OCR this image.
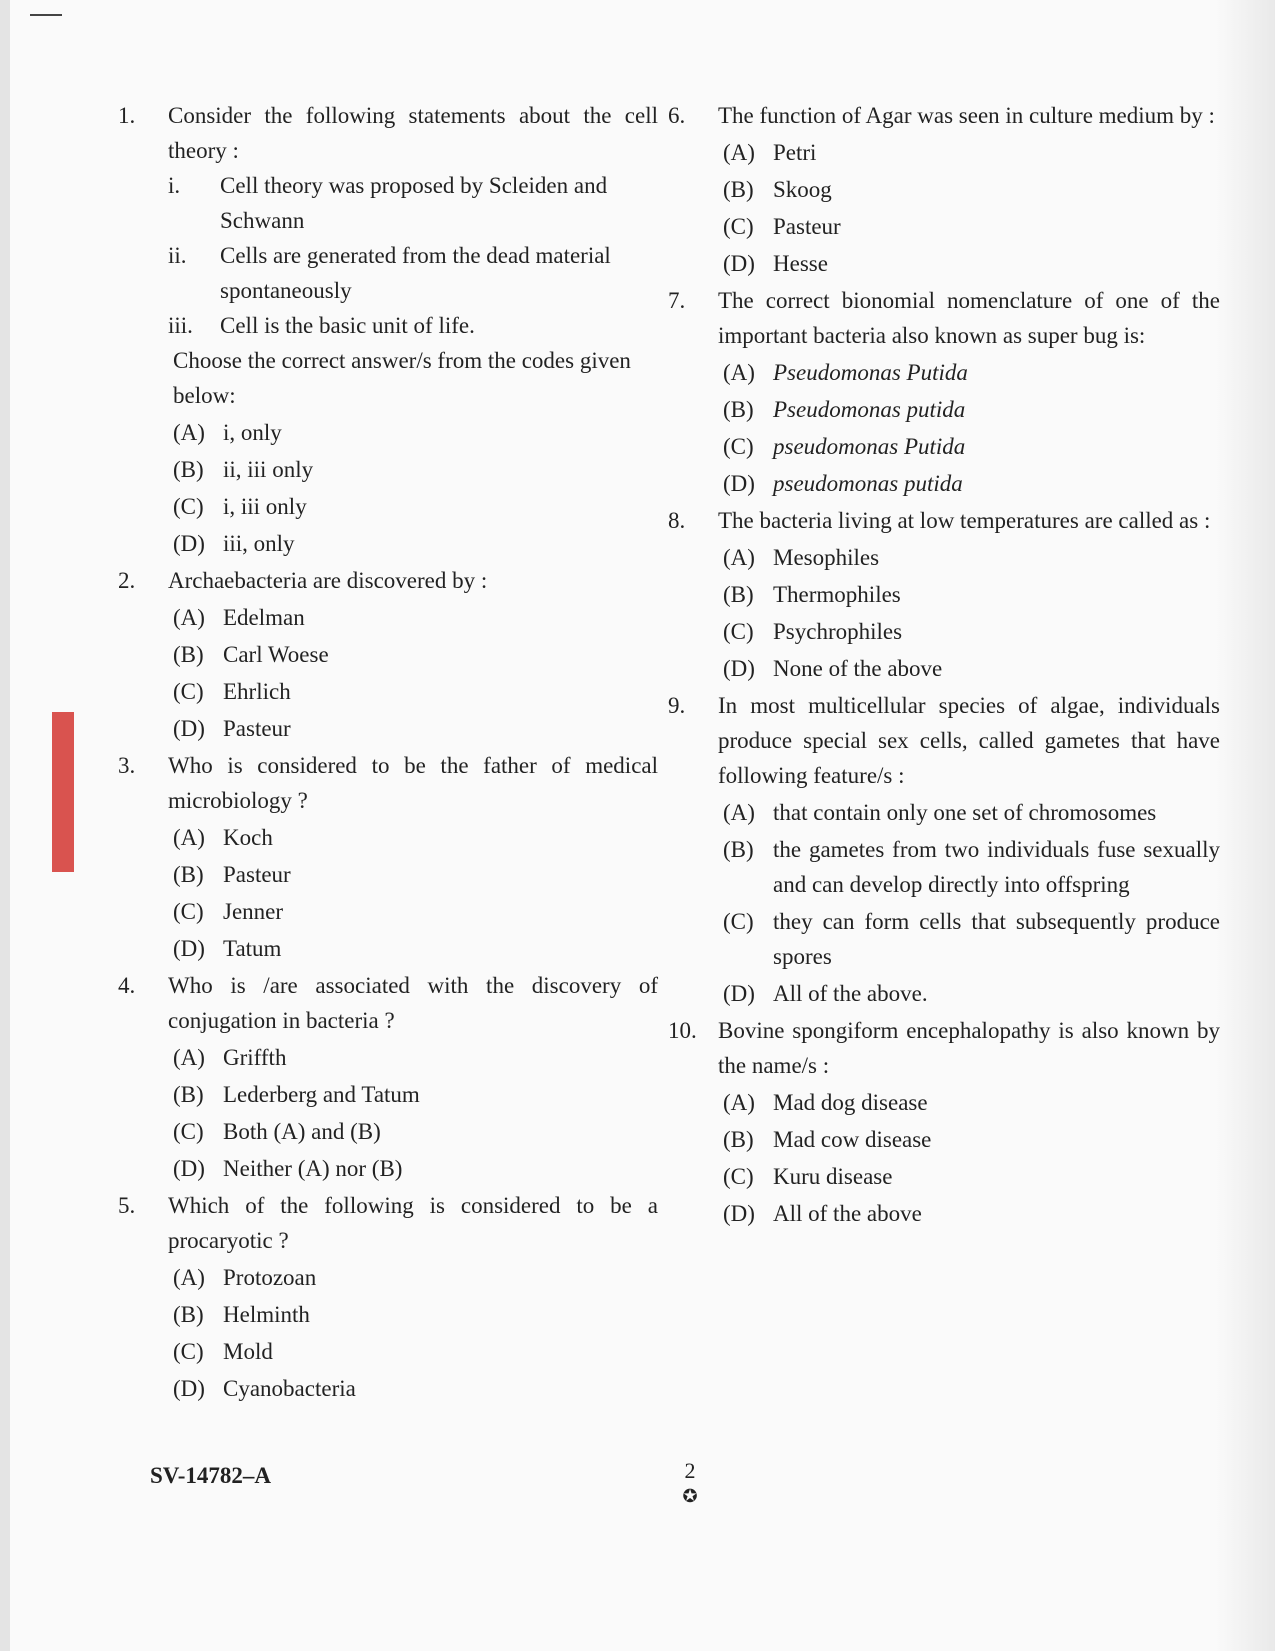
1.	Consider the following statements about the cell theory :
i.	Cell theory was proposed by Scleiden and Schwann
ii.	Cells are generated from the dead material spontaneously
iii.	Cell is the basic unit of life.
Choose the correct answer/s from the codes given below:
(A) i, only
(B) ii, iii only
(C) i, iii only
(D) iii, only
2.	Archaebacteria are discovered by :
(A) Edelman
(B) Carl Woese
(C) Ehrlich
(D) Pasteur
3.	Who is considered to be the father of medical microbiology ?
(A) Koch
(B) Pasteur
(C) Jenner
(D) Tatum
4.	Who is /are associated with the discovery of conjugation in bacteria ?
(A) Griffth
(B) Lederberg and Tatum
(C) Both (A) and (B)
(D) Neither (A) nor (B)
5.	Which of the following is considered to be a procaryotic ?
(A) Protozoan
(B) Helminth
(C) Mold
(D) Cyanobacteria
6.	The function of Agar was seen in culture medium by :
(A) Petri
(B) Skoog
(C) Pasteur
(D) Hesse
7.	The correct bionomial nomenclature of one of the important bacteria also known as super bug is:
(A) Pseudomonas Putida
(B) Pseudomonas putida
(C) pseudomonas Putida
(D) pseudomonas putida
8.	The bacteria living at low temperatures are called as :
(A) Mesophiles
(B) Thermophiles
(C) Psychrophiles
(D) None of the above
9.	In most multicellular species of algae, individuals produce special sex cells, called gametes that have following feature/s :
(A) that contain only one set of chromosomes
(B) the gametes from two individuals fuse sexually and can develop directly into offspring
(C) they can form cells that subsequently produce spores
(D) All of the above.
10. Bovine spongiform encephalopathy is also known by the name/s :
(A) Mad dog disease
(B) Mad cow disease
(C) Kuru disease
(D) All of the above
SV-14782–A	2
✪
